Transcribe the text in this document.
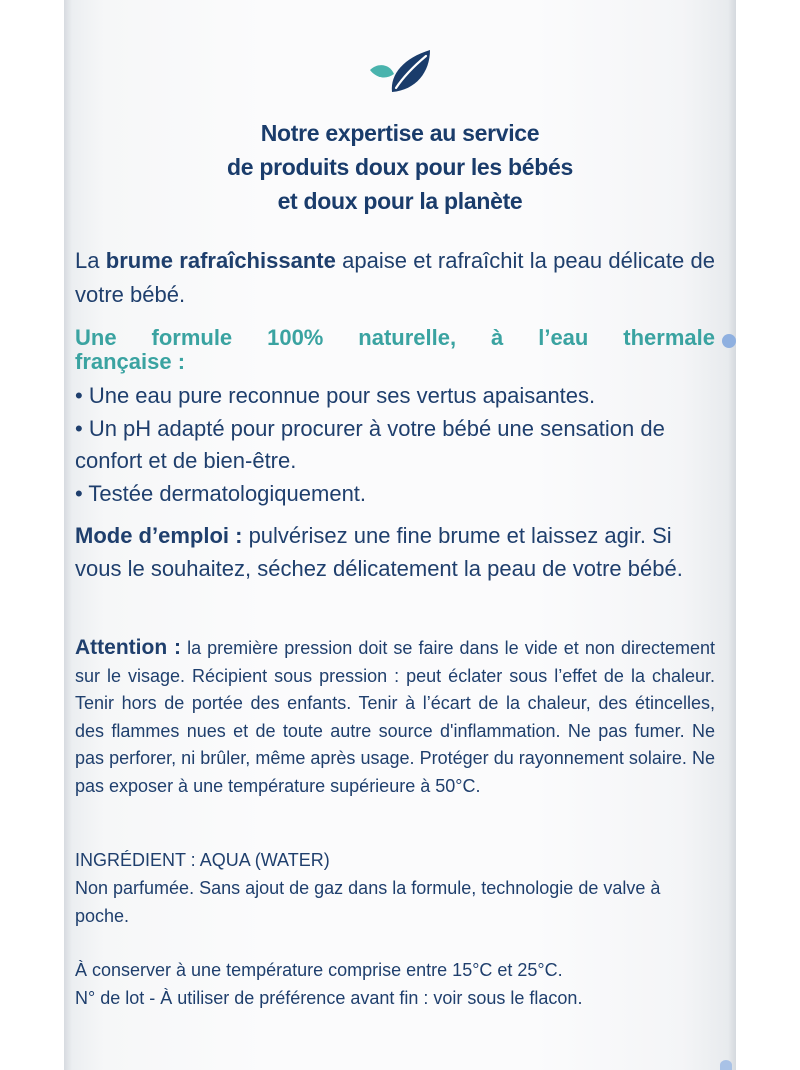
Notre expertise au service
de produits doux pour les bébés
et doux pour la planète
La brume rafraîchissante apaise et rafraîchit la peau délicate de votre bébé.
Une formule 100% naturelle, à l’eau thermale
française :
• Une eau pure reconnue pour ses vertus apaisantes.
• Un pH adapté pour procurer à votre bébé une sensation de confort et de bien-être.
• Testée dermatologiquement.
Mode d’emploi : pulvérisez une fine brume et laissez agir. Si vous le souhaitez, séchez délicatement la peau de votre bébé.
Attention : la première pression doit se faire dans le vide et non directement sur le visage. Récipient sous pression : peut éclater sous l’effet de la chaleur. Tenir hors de portée des enfants. Tenir à l’écart de la chaleur, des étincelles, des flammes nues et de toute autre source d'inflammation. Ne pas fumer. Ne pas perforer, ni brûler, même après usage. Protéger du rayonnement solaire. Ne pas exposer à une température supérieure à 50°C.
INGRÉDIENT : AQUA (WATER)
Non parfumée. Sans ajout de gaz dans la formule, technologie de valve à poche.
À conserver à une température comprise entre 15°C et 25°C.
N° de lot - À utiliser de préférence avant fin : voir sous le flacon.
